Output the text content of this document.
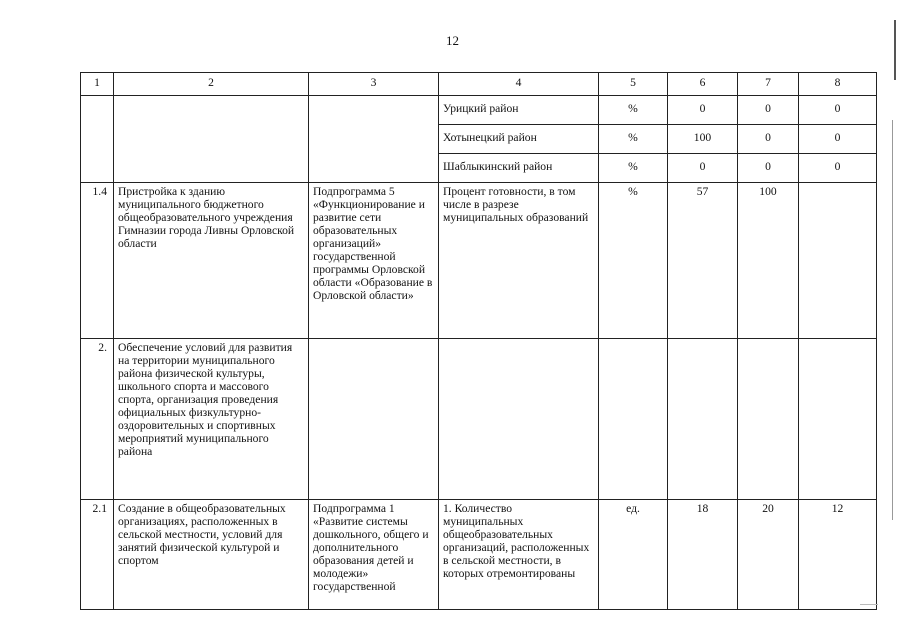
12
1	2	3	4	5	6	7	8
			Урицкий район	%	0	0	0
			Хотынецкий район	%	100	0	0
			Шаблыкинский район	%	0	0	0
1.4	Пристройка к зданию муниципального бюджетного общеобразовательного учреждения Гимназии города Ливны Орловской области	Подпрограмма 5 «Функционирование и развитие сети образовательных организаций» государственной программы Орловской области «Образование в Орловской области»	Процент готовности, в том числе в разрезе муниципальных образований	%	57	100	
2.	Обеспечение условий для развития на территории муниципального района физической культуры, школьного спорта и массового спорта, организация проведения официальных физкультурно-оздоровительных и спортивных мероприятий муниципального района						
2.1	Создание в общеобразовательных организациях, расположенных в сельской местности, условий для занятий физической культурой и спортом	Подпрограмма 1 «Развитие системы дошкольного, общего и дополнительного образования детей и молодежи» государственной	1. Количество муниципальных общеобразовательных организаций, расположенных в сельской местности, в которых отремонтированы	ед.	18	20	12
